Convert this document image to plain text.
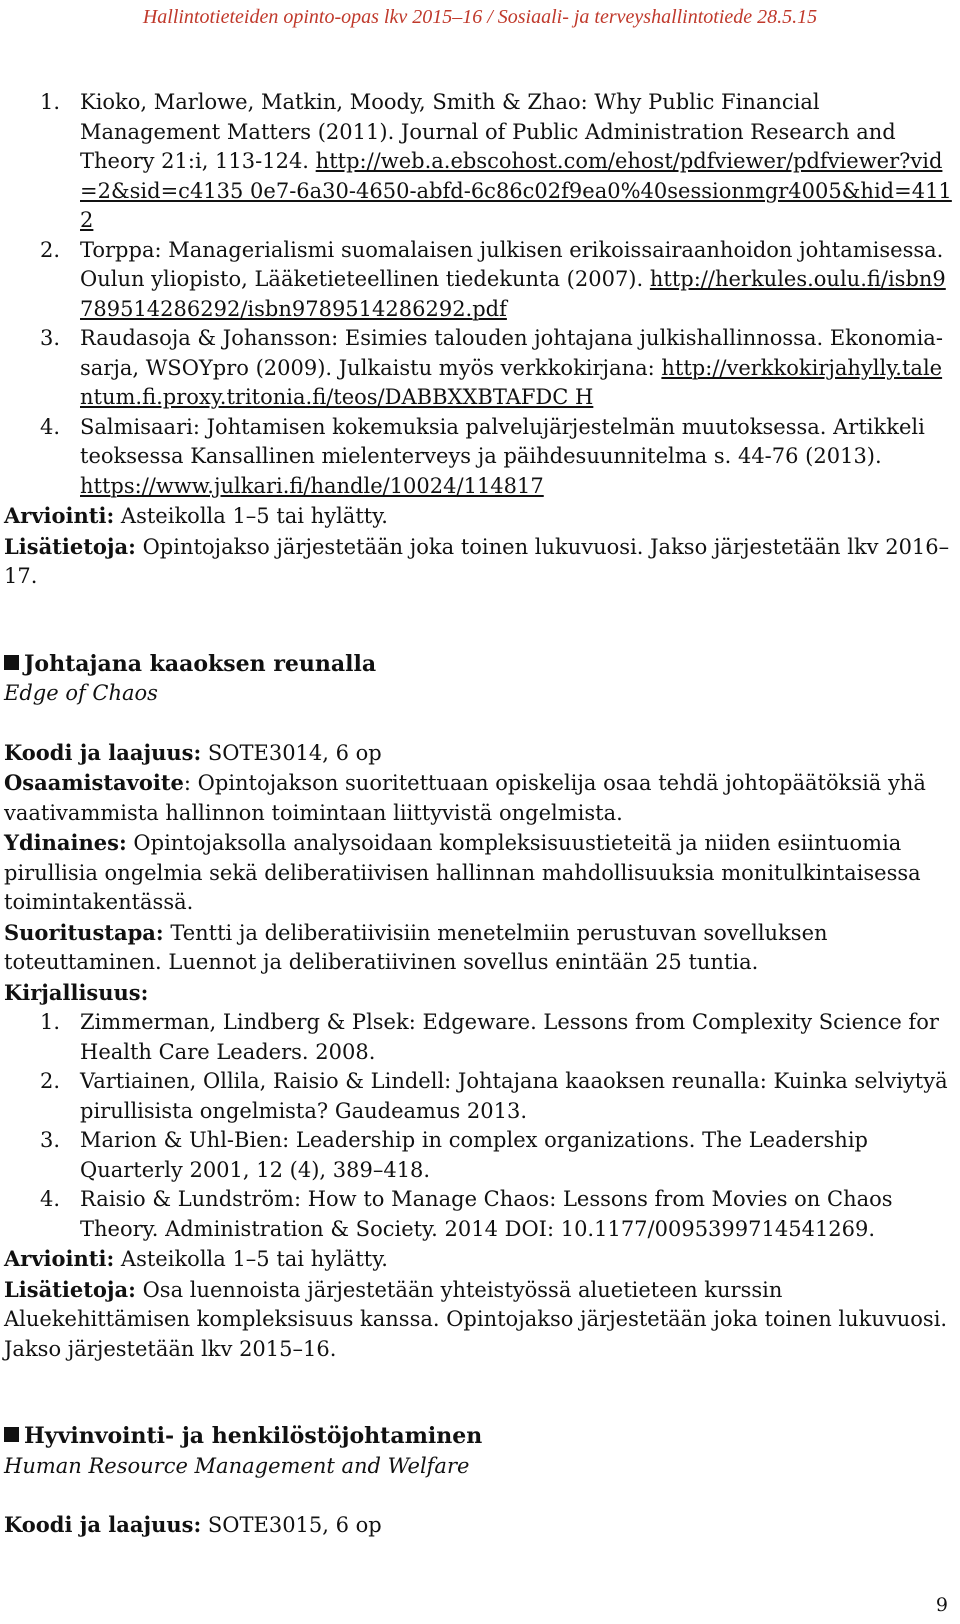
Hallintotieteiden opinto-opas lkv 2015–16 / Sosiaali- ja terveyshallintotiede 28.5.15
1. Kioko, Marlowe, Matkin, Moody, Smith & Zhao: Why Public Financial Management Matters (2011). Journal of Public Administration Research and Theory 21:i, 113-124. http://web.a.ebscohost.com/ehost/pdfviewer/pdfviewer?vid=2&sid=c4135 0e7-6a30-4650-abfd-6c86c02f9ea0%40sessionmgr4005&hid=4112
2. Torppa: Managerialismi suomalaisen julkisen erikoissairaanhoidon johtamisessa. Oulun yliopisto, Lääketieteellinen tiedekunta (2007). http://herkules.oulu.fi/isbn9789514286292/isbn9789514286292.pdf
3. Raudasoja & Johansson: Esimies talouden johtajana julkishallinnossa. Ekonomia-sarja, WSOYpro (2009). Julkaistu myös verkkokirjana: http://verkkokirjahylly.talentum.fi.proxy.tritonia.fi/teos/DABBXXBTAFDC H
4. Salmisaari: Johtamisen kokemuksia palvelujärjestelmän muutoksessa. Artikkeli teoksessa Kansallinen mielenterveys ja päihdesuunnitelma s. 44-76 (2013). https://www.julkari.fi/handle/10024/114817

Arviointi: Asteikolla 1–5 tai hylätty.

Lisätietoja: Opintojakso järjestetään joka toinen lukuvuosi. Jakso järjestetään lkv 2016–17.

Johtajana kaaoksen reunalla

Edge of Chaos

Koodi ja laajuus: SOTE3014, 6 op

Osaamistavoite: Opintojakson suoritettuaan opiskelija osaa tehdä johtopäätöksiä yhä vaativammista hallinnon toimintaan liittyvistä ongelmista.

Ydinaines: Opintojaksolla analysoidaan kompleksisuustieteitä ja niiden esiintuomia pirullisia ongelmia sekä deliberatiivisen hallinnan mahdollisuuksia monitulkintaisessa toimintakentässä.

Suoritustapa: Tentti ja deliberatiivisiin menetelmiin perustuvan sovelluksen toteuttaminen. Luennot ja deliberatiivinen sovellus enintään 25 tuntia.

Kirjallisuus:

1. Zimmerman, Lindberg & Plsek: Edgeware. Lessons from Complexity Science for Health Care Leaders. 2008.
2. Vartiainen, Ollila, Raisio & Lindell: Johtajana kaaoksen reunalla: Kuinka selviytyä pirullisista ongelmista? Gaudeamus 2013.
3. Marion & Uhl-Bien: Leadership in complex organizations. The Leadership Quarterly 2001, 12 (4), 389–418.
4. Raisio & Lundström: How to Manage Chaos: Lessons from Movies on Chaos Theory. Administration & Society. 2014 DOI: 10.1177/0095399714541269.

Arviointi: Asteikolla 1–5 tai hylätty.

Lisätietoja: Osa luennoista järjestetään yhteistyössä aluetieteen kurssin Aluekehittämisen kompleksisuus kanssa. Opintojakso järjestetään joka toinen lukuvuosi. Jakso järjestetään lkv 2015–16.

Hyvinvointi- ja henkilöstöjohtaminen

Human Resource Management and Welfare

Koodi ja laajuus: SOTE3015, 6 op

9
